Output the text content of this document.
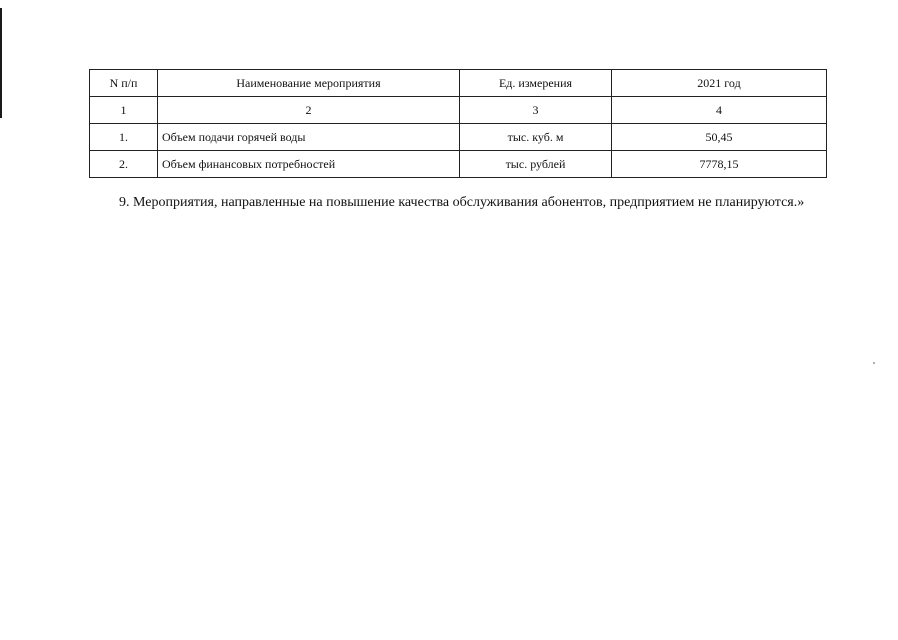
N п/п	Наименование мероприятия	Ед. измерения	2021 год
1	2	3	4
1.	Объем подачи горячей воды	тыс. куб. м	50,45
2.	Объем финансовых потребностей	тыс. рублей	7778,15
9. Мероприятия, направленные на повышение качества обслуживания абонентов, предприятием не планируются.»
